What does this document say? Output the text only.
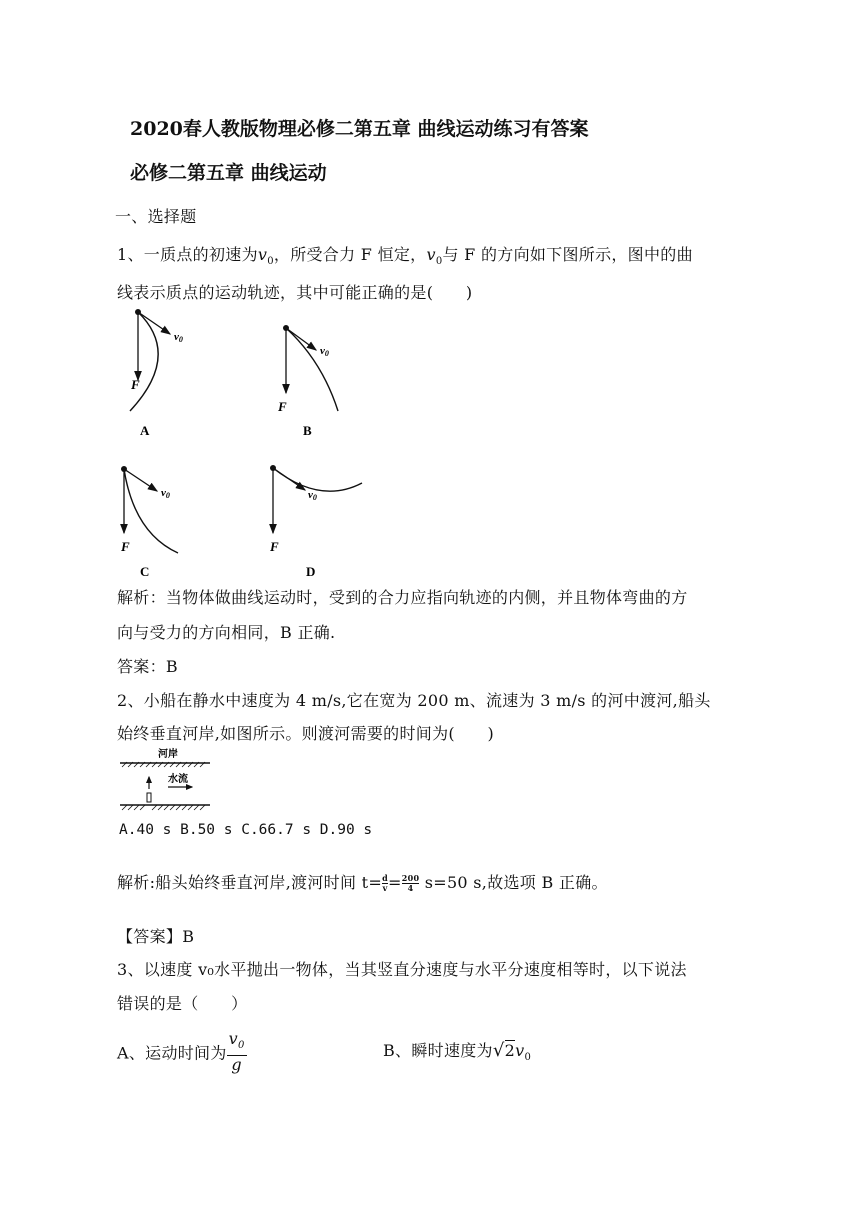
2020春人教版物理必修二第五章 曲线运动练习有答案
必修二第五章 曲线运动
一、选择题
1、一质点的初速为$v_0$，所受合力 F 恒定，$v_0$与 F 的方向如下图所示，图中的曲
线表示质点的运动轨迹，其中可能正确的是(　　)
F
v0
A
F
v0
B
F
v0
C
F
v0
D
解析：当物体做曲线运动时，受到的合力应指向轨迹的内侧，并且物体弯曲的方
向与受力的方向相同，B 正确.
答案：B
2、小船在静水中速度为 4 m/s,它在宽为 200 m、流速为 3 m/s 的河中渡河,船头
始终垂直河岸,如图所示。则渡河需要的时间为(　　)
河岸
水流
A.40 s B.50 s C.66.7 s D.90 s
解析:船头始终垂直河岸,渡河时间 $t= \frac{d}{v} = \frac{200}{4} s=50$ s,故选项 B 正确。
【答案】B
3、以速度 v₀水平抛出一物体，当其竖直分速度与水平分速度相等时，以下说法
错误的是（　　）
A、运动时间为 $\frac{v_0}{g}$	B、瞬时速度为$√2v_0$
